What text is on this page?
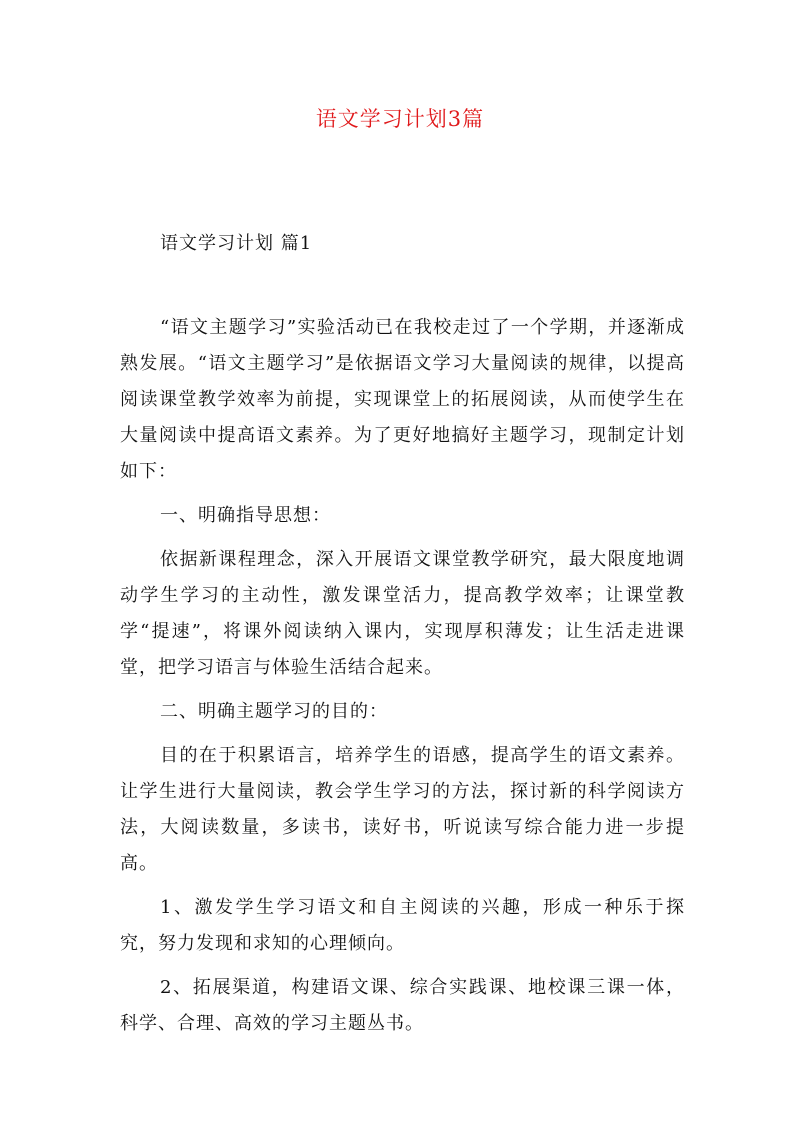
语文学习计划3篇
语文学习计划 篇1

“语文主题学习”实验活动已在我校走过了一个学期，并逐渐成熟发展。“语文主题学习”是依据语文学习大量阅读的规律，以提高阅读课堂教学效率为前提，实现课堂上的拓展阅读，从而使学生在大量阅读中提高语文素养。为了更好地搞好主题学习，现制定计划如下：

一、明确指导思想：

依据新课程理念，深入开展语文课堂教学研究，最大限度地调动学生学习的主动性，激发课堂活力，提高教学效率；让课堂教学“提速”，将课外阅读纳入课内，实现厚积薄发；让生活走进课堂，把学习语言与体验生活结合起来。

二、明确主题学习的目的：

目的在于积累语言，培养学生的语感，提高学生的语文素养。让学生进行大量阅读，教会学生学习的方法，探讨新的科学阅读方法，大阅读数量，多读书，读好书，听说读写综合能力进一步提高。

1、激发学生学习语文和自主阅读的兴趣，形成一种乐于探究，努力发现和求知的心理倾向。

2、拓展渠道，构建语文课、综合实践课、地校课三课一体，科学、合理、高效的学习主题丛书。
